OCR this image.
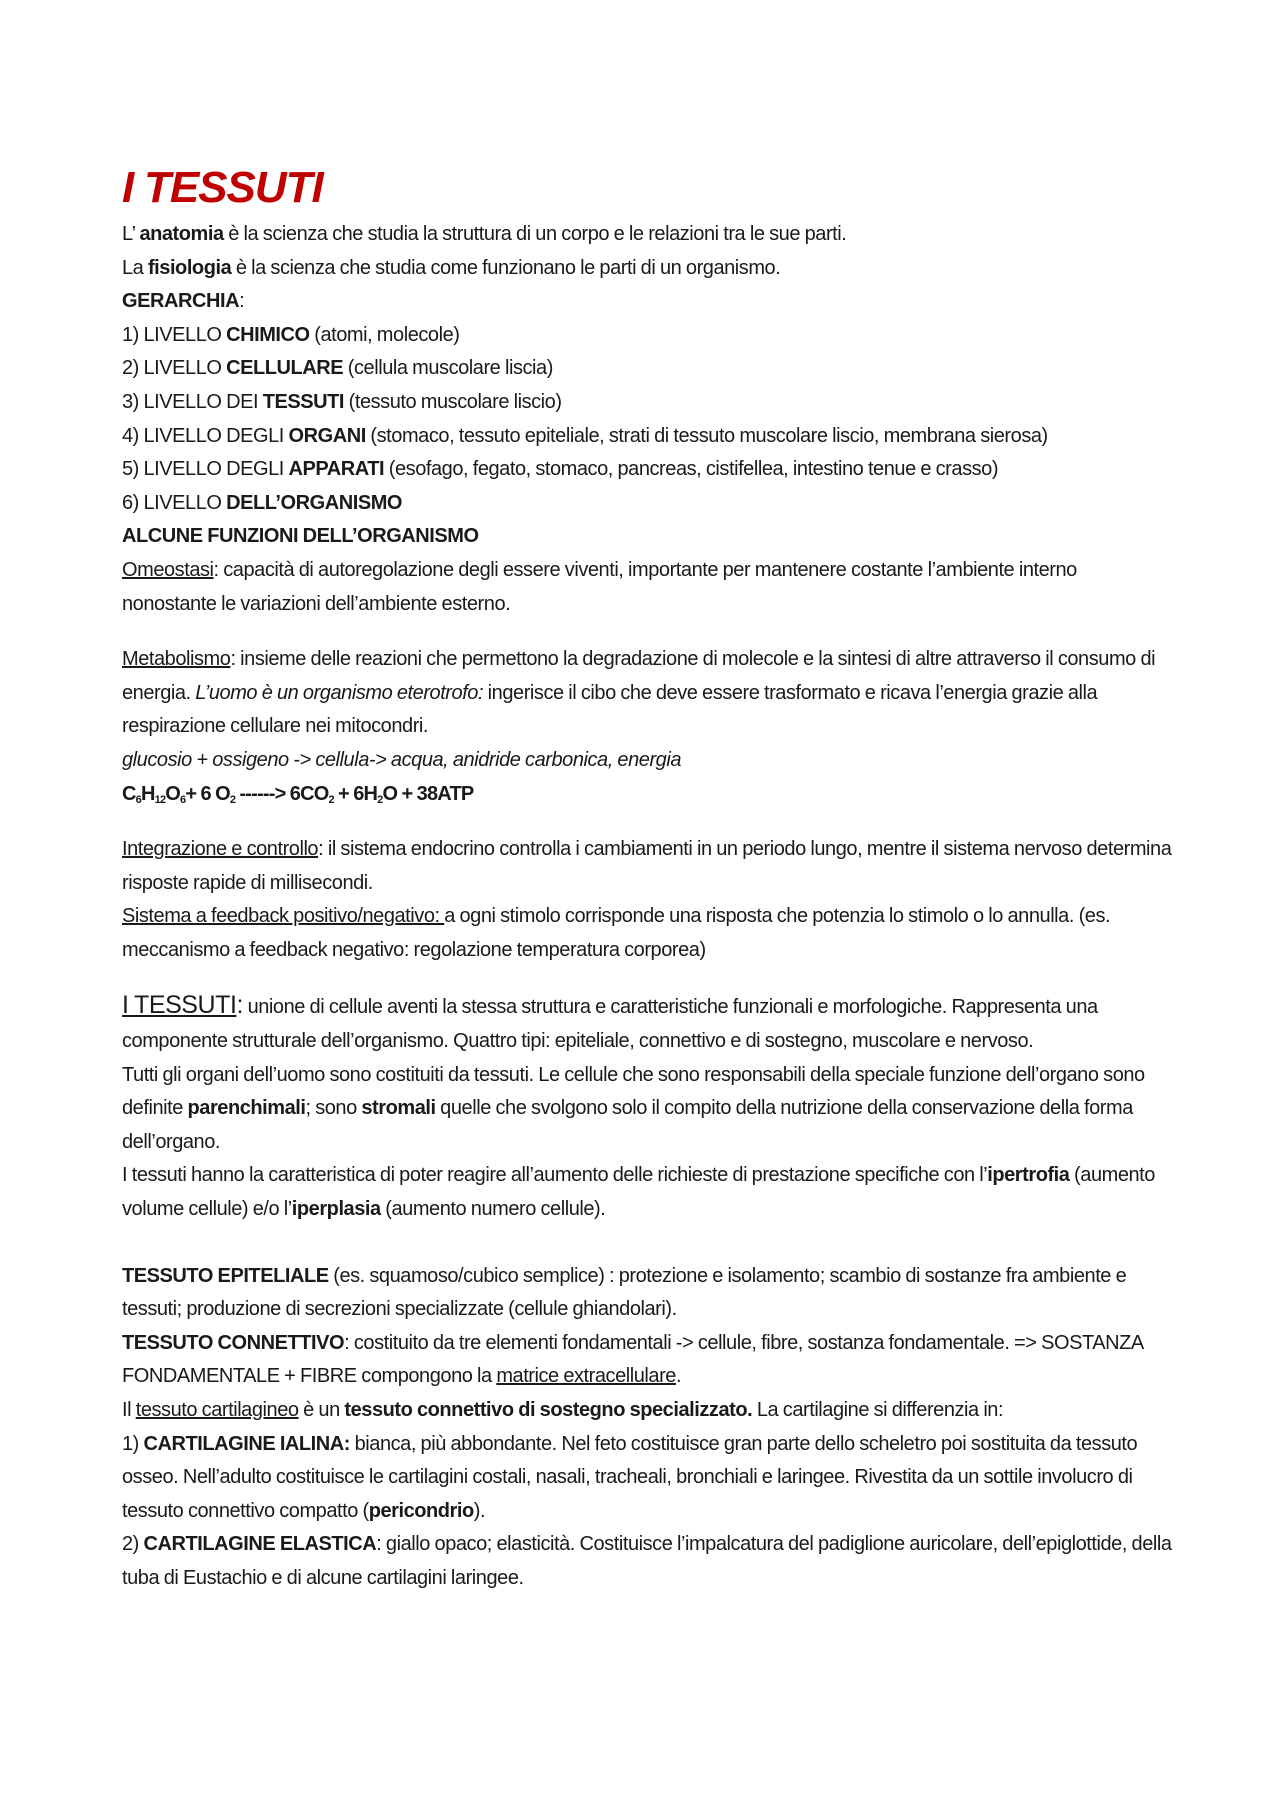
I TESSUTI

L’ anatomia è la scienza che studia la struttura di un corpo e le relazioni tra le sue parti.

La fisiologia è la scienza che studia come funzionano le parti di un organismo.

GERARCHIA:

1) LIVELLO CHIMICO (atomi, molecole)

2) LIVELLO CELLULARE (cellula muscolare liscia)

3) LIVELLO DEI TESSUTI (tessuto muscolare liscio)

4) LIVELLO DEGLI ORGANI (stomaco, tessuto epiteliale, strati di tessuto muscolare liscio, membrana sierosa)

5) LIVELLO DEGLI APPARATI (esofago, fegato, stomaco, pancreas, cistifellea, intestino tenue e crasso)

6) LIVELLO DELL’ORGANISMO

ALCUNE FUNZIONI DELL’ORGANISMO

Omeostasi: capacità di autoregolazione degli essere viventi, importante per mantenere costante l’ambiente interno nonostante le variazioni dell’ambiente esterno.

Metabolismo: insieme delle reazioni che permettono la degradazione di molecole e la sintesi di altre attraverso il consumo di energia. L’uomo è un organismo eterotrofo: ingerisce il cibo che deve essere trasformato e ricava l’energia grazie alla respirazione cellulare nei mitocondri.

glucosio + ossigeno -> cellula-> acqua, anidride carbonica, energia

$C_6H_{12}O_6+ 6$ $O_2$ ------> $6CO_2 + 6H_2O + 38ATP$

Integrazione e controllo: il sistema endocrino controlla i cambiamenti in un periodo lungo, mentre il sistema nervoso determina risposte rapide di millisecondi.

Sistema a feedback positivo/negativo: a ogni stimolo corrisponde una risposta che potenzia lo stimolo o lo annulla. (es. meccanismo a feedback negativo: regolazione temperatura corporea)

I TESSUTI: unione di cellule aventi la stessa struttura e caratteristiche funzionali e morfologiche. Rappresenta una componente strutturale dell’organismo. Quattro tipi: epiteliale, connettivo e di sostegno, muscolare e nervoso.

Tutti gli organi dell’uomo sono costituiti da tessuti. Le cellule che sono responsabili della speciale funzione dell’organo sono definite parenchimali; sono stromali quelle che svolgono solo il compito della nutrizione della conservazione della forma dell’organo.

I tessuti hanno la caratteristica di poter reagire all’aumento delle richieste di prestazione specifiche con l’ipertrofia (aumento volume cellule) e/o l’iperplasia (aumento numero cellule).

TESSUTO EPITELIALE (es. squamoso/cubico semplice) : protezione e isolamento; scambio di sostanze fra ambiente e tessuti; produzione di secrezioni specializzate (cellule ghiandolari).

TESSUTO CONNETTIVO: costituito da tre elementi fondamentali -> cellule, fibre, sostanza fondamentale. => SOSTANZA FONDAMENTALE + FIBRE compongono la matrice extracellulare.

Il tessuto cartilagineo è un tessuto connettivo di sostegno specializzato. La cartilagine si differenzia in:

1) CARTILAGINE IALINA: bianca, più abbondante. Nel feto costituisce gran parte dello scheletro poi sostituita da tessuto osseo. Nell’adulto costituisce le cartilagini costali, nasali, tracheali, bronchiali e laringee. Rivestita da un sottile involucro di tessuto connettivo compatto (pericondrio).

2) CARTILAGINE ELASTICA: giallo opaco; elasticità. Costituisce l’impalcatura del padiglione auricolare, dell’epiglottide, della tuba di Eustachio e di alcune cartilagini laringee.
